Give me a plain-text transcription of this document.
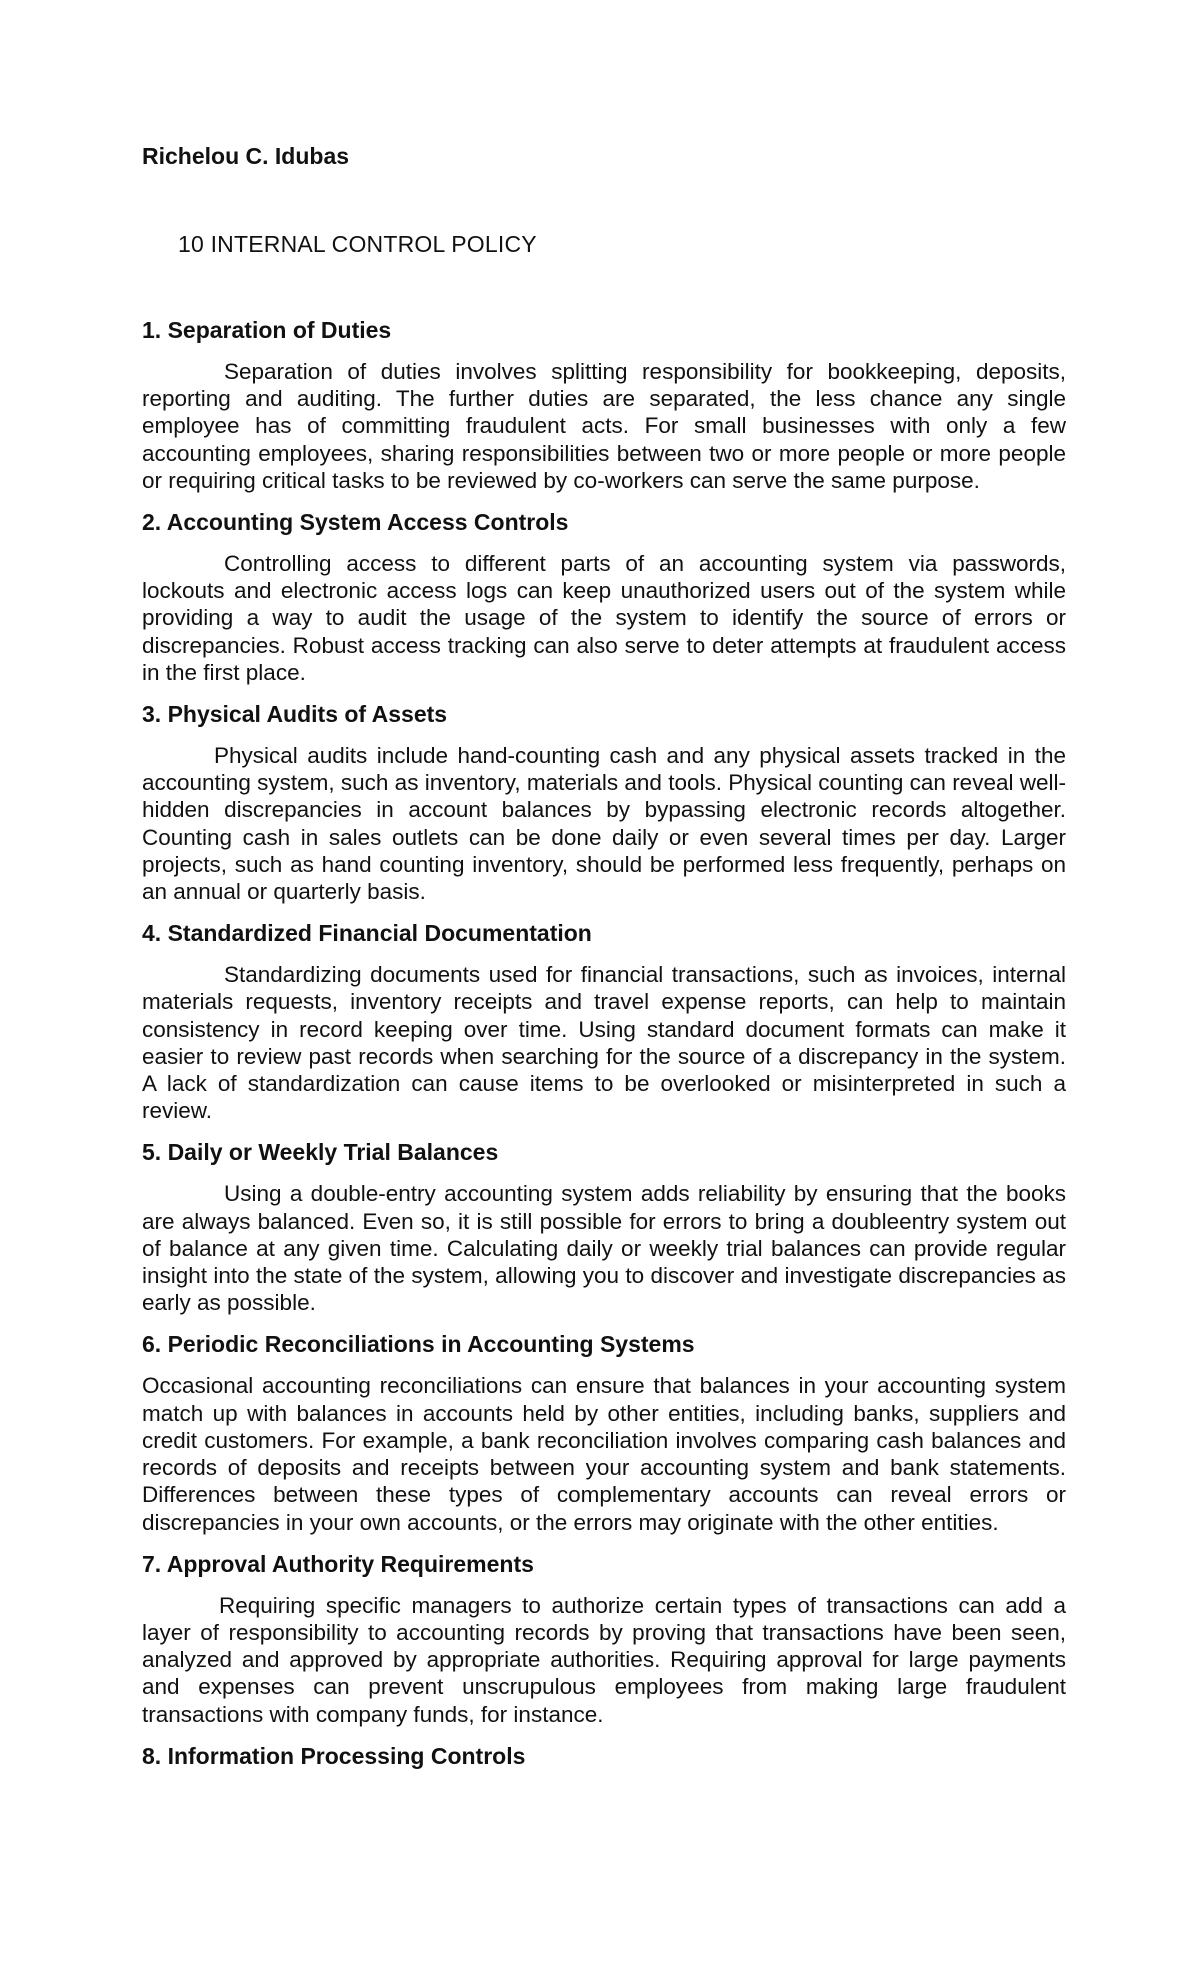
Richelou C. Idubas

10 INTERNAL CONTROL POLICY
1. Separation of Duties

Separation of duties involves splitting responsibility for bookkeeping, deposits, reporting and auditing. The further duties are separated, the less chance any single employee has of committing fraudulent acts. For small businesses with only a few accounting employees, sharing responsibilities between two or more people or more people or requiring critical tasks to be reviewed by co-workers can serve the same purpose.

2. Accounting System Access Controls

Controlling access to different parts of an accounting system via passwords, lockouts and electronic access logs can keep unauthorized users out of the system while providing a way to audit the usage of the system to identify the source of errors or discrepancies. Robust access tracking can also serve to deter attempts at fraudulent access in the first place.

3. Physical Audits of Assets

Physical audits include hand-counting cash and any physical assets tracked in the accounting system, such as inventory, materials and tools. Physical counting can reveal well-hidden discrepancies in account balances by bypassing electronic records altogether. Counting cash in sales outlets can be done daily or even several times per day. Larger projects, such as hand counting inventory, should be performed less frequently, perhaps on an annual or quarterly basis.

4. Standardized Financial Documentation

Standardizing documents used for financial transactions, such as invoices, internal materials requests, inventory receipts and travel expense reports, can help to maintain consistency in record keeping over time. Using standard document formats can make it easier to review past records when searching for the source of a discrepancy in the system. A lack of standardization can cause items to be overlooked or misinterpreted in such a review.

5. Daily or Weekly Trial Balances

Using a double-entry accounting system adds reliability by ensuring that the books are always balanced. Even so, it is still possible for errors to bring a doubleentry system out of balance at any given time. Calculating daily or weekly trial balances can provide regular insight into the state of the system, allowing you to discover and investigate discrepancies as early as possible.

6. Periodic Reconciliations in Accounting Systems

Occasional accounting reconciliations can ensure that balances in your accounting system match up with balances in accounts held by other entities, including banks, suppliers and credit customers. For example, a bank reconciliation involves comparing cash balances and records of deposits and receipts between your accounting system and bank statements. Differences between these types of complementary accounts can reveal errors or discrepancies in your own accounts, or the errors may originate with the other entities.

7. Approval Authority Requirements

Requiring specific managers to authorize certain types of transactions can add a layer of responsibility to accounting records by proving that transactions have been seen, analyzed and approved by appropriate authorities. Requiring approval for large payments and expenses can prevent unscrupulous employees from making large fraudulent transactions with company funds, for instance.

8. Information Processing Controls
